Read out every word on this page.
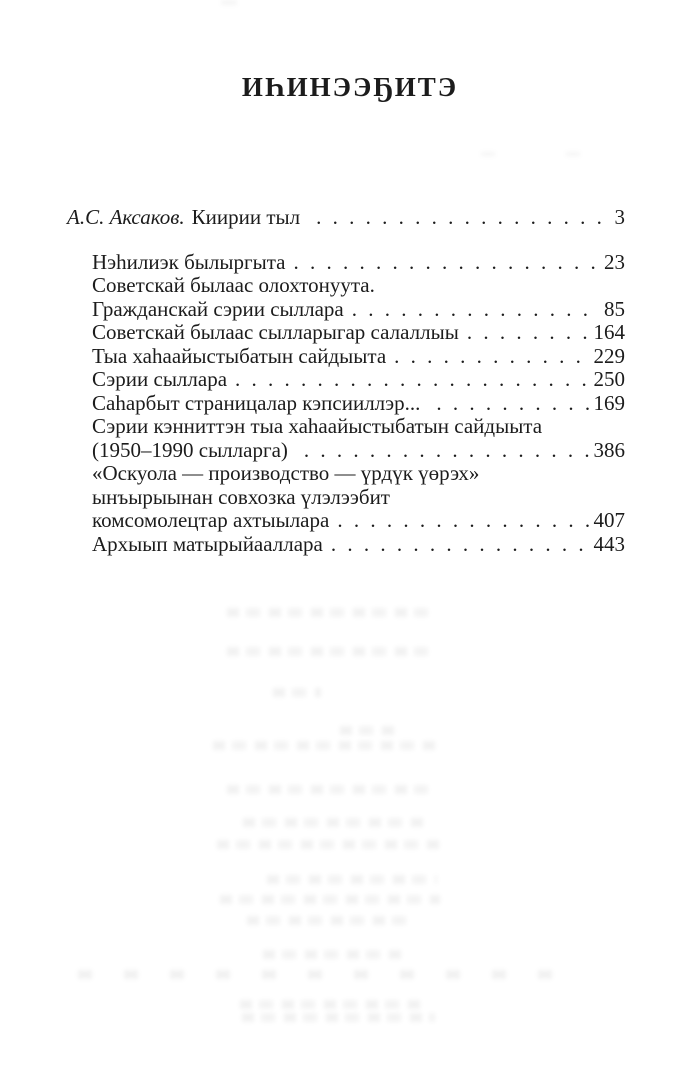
ИҺИНЭЭҔИТЭ
А.С. Аксаков. Киирии тыл . . .	3
Нэһилиэк былыргыта . . .	23
Советскай былаас олохтонуута.
Гражданскай сэрии сыллара . . .	85
Советскай былаас сылларыгар салаллыы . . .	164
Тыа хаһаайыстыбатын сайдыыта . . .	229
Сэрии сыллара . . .	250
Саһарбыт страницалар кэпсииллэр... . . .	169
Сэрии кэнниттэн тыа хаһаайыстыбатын сайдыыта
(1950–1990 сылларга) . . .	386
«Оскуола — производство — үрдүк үөрэх»
ынъырыынан совхозка үлэлээбит
комсомолецтар ахтыылара . . .	407
Архыып матырыйааллара . . .	443
